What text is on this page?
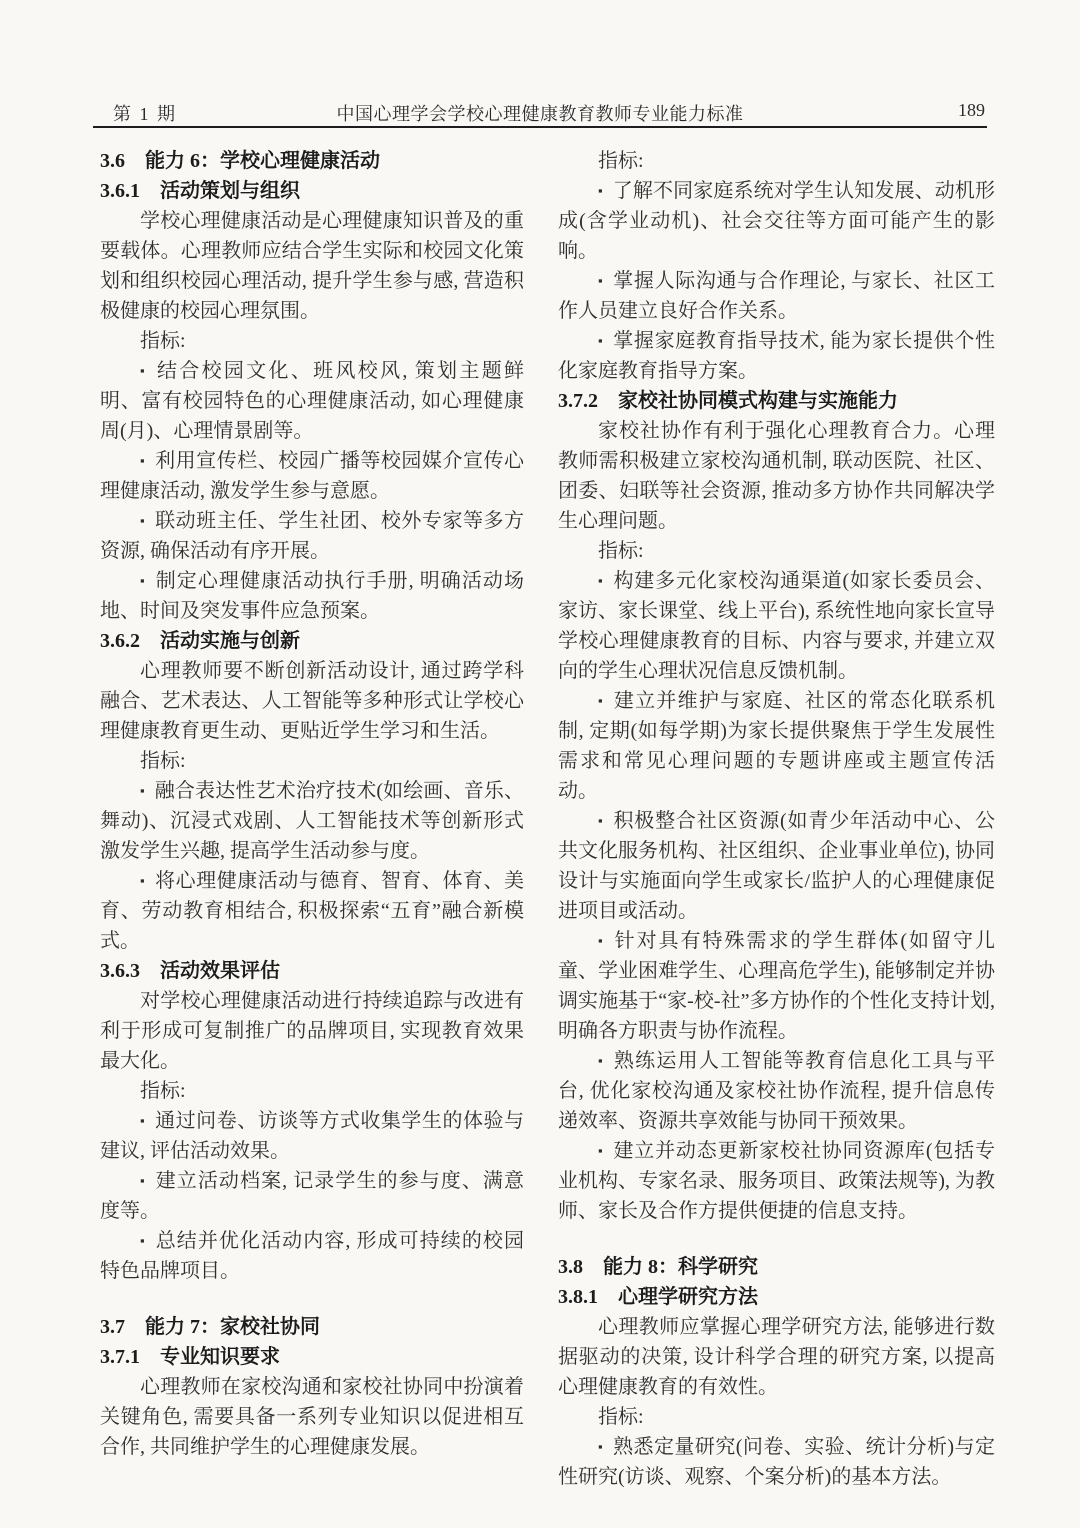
中国心理学会学校心理健康教育教师专业能力标准
第 1 期	189

3.6　能力 6：学校心理健康活动

3.6.1　活动策划与组织

学校心理健康活动是心理健康知识普及的重要载体。心理教师应结合学生实际和校园文化策划和组织校园心理活动, 提升学生参与感, 营造积极健康的校园心理氛围。

指标:

▪ 结合校园文化、班风校风, 策划主题鲜明、富有校园特色的心理健康活动, 如心理健康周(月)、心理情景剧等。

▪ 利用宣传栏、校园广播等校园媒介宣传心理健康活动, 激发学生参与意愿。

▪ 联动班主任、学生社团、校外专家等多方资源, 确保活动有序开展。

▪ 制定心理健康活动执行手册, 明确活动场地、时间及突发事件应急预案。

3.6.2　活动实施与创新

心理教师要不断创新活动设计, 通过跨学科融合、艺术表达、人工智能等多种形式让学校心理健康教育更生动、更贴近学生学习和生活。

指标:

▪ 融合表达性艺术治疗技术(如绘画、音乐、舞动)、沉浸式戏剧、人工智能技术等创新形式激发学生兴趣, 提高学生活动参与度。

▪ 将心理健康活动与德育、智育、体育、美育、劳动教育相结合, 积极探索“五育”融合新模式。

3.6.3　活动效果评估

对学校心理健康活动进行持续追踪与改进有利于形成可复制推广的品牌项目, 实现教育效果最大化。

指标:

▪ 通过问卷、访谈等方式收集学生的体验与建议, 评估活动效果。

▪ 建立活动档案, 记录学生的参与度、满意度等。

▪ 总结并优化活动内容, 形成可持续的校园特色品牌项目。

3.7　能力 7：家校社协同

3.7.1　专业知识要求

心理教师在家校沟通和家校社协同中扮演着关键角色, 需要具备一系列专业知识以促进相互合作, 共同维护学生的心理健康发展。

指标:

▪ 了解不同家庭系统对学生认知发展、动机形成(含学业动机)、社会交往等方面可能产生的影响。

▪ 掌握人际沟通与合作理论, 与家长、社区工作人员建立良好合作关系。

▪ 掌握家庭教育指导技术, 能为家长提供个性化家庭教育指导方案。

3.7.2　家校社协同模式构建与实施能力

家校社协作有利于强化心理教育合力。心理教师需积极建立家校沟通机制, 联动医院、社区、团委、妇联等社会资源, 推动多方协作共同解决学生心理问题。

指标:

▪ 构建多元化家校沟通渠道(如家长委员会、家访、家长课堂、线上平台), 系统性地向家长宣导学校心理健康教育的目标、内容与要求, 并建立双向的学生心理状况信息反馈机制。

▪ 建立并维护与家庭、社区的常态化联系机制, 定期(如每学期)为家长提供聚焦于学生发展性需求和常见心理问题的专题讲座或主题宣传活动。

▪ 积极整合社区资源(如青少年活动中心、公共文化服务机构、社区组织、企业事业单位), 协同设计与实施面向学生或家长/监护人的心理健康促进项目或活动。

▪ 针对具有特殊需求的学生群体(如留守儿童、学业困难学生、心理高危学生), 能够制定并协调实施基于“家-校-社”多方协作的个性化支持计划, 明确各方职责与协作流程。

▪ 熟练运用人工智能等教育信息化工具与平台, 优化家校沟通及家校社协作流程, 提升信息传递效率、资源共享效能与协同干预效果。

▪ 建立并动态更新家校社协同资源库(包括专业机构、专家名录、服务项目、政策法规等), 为教师、家长及合作方提供便捷的信息支持。

3.8　能力 8：科学研究

3.8.1　心理学研究方法

心理教师应掌握心理学研究方法, 能够进行数据驱动的决策, 设计科学合理的研究方案, 以提高心理健康教育的有效性。

指标:

▪ 熟悉定量研究(问卷、实验、统计分析)与定性研究(访谈、观察、个案分析)的基本方法。
